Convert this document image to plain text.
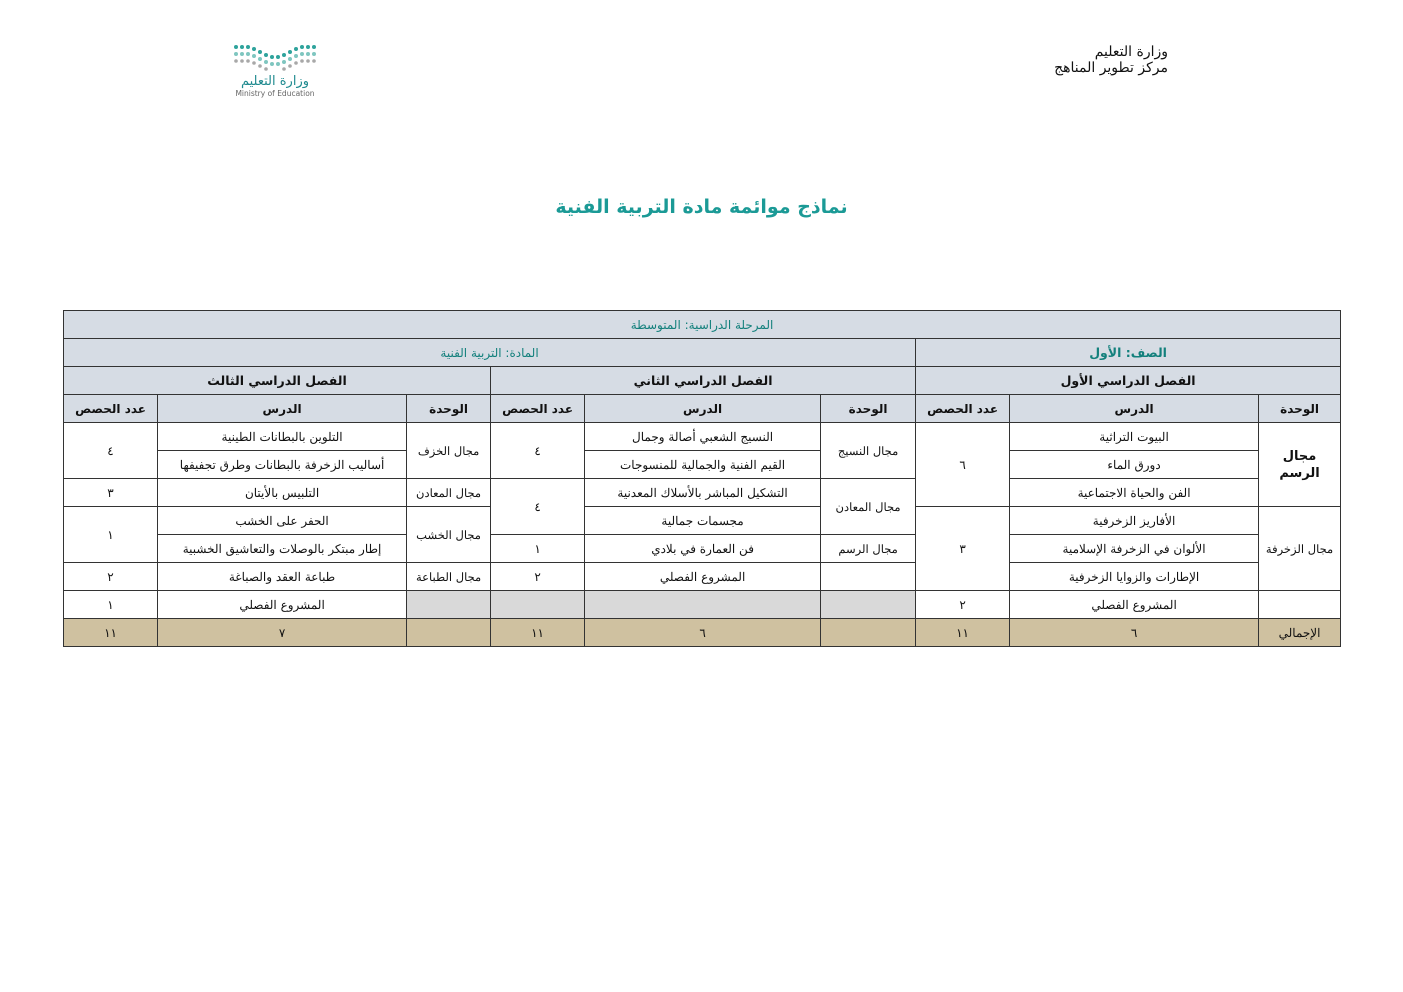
وزارة التعليم
مركز تطوير المناهج
وزارة التعليم
Ministry of Education
نماذج موائمة مادة التربية الفنية
المرحلة الدراسية: المتوسطة								
الصف: الأول			المادة: التربية الفنية					
الفصل الدراسي الأول			الفصل الدراسي الثاني			الفصل الدراسي الثالث		
الوحدة	الدرس	عدد الحصص	الوحدة	الدرس	عدد الحصص	الوحدة	الدرس	عدد الحصص
مجال الرسم	البيوت التراثية	٦	مجال النسيج	النسيج الشعبي أصالة وجمال	٤	مجال الخزف	التلوين بالبطانات الطينية	٤
	دورق الماء			القيم الفنية والجمالية للمنسوجات			أساليب الزخرفة بالبطانات وطرق تجفيفها	
	الفن والحياة الاجتماعية		مجال المعادن	التشكيل المباشر بالأسلاك المعدنية	٤	مجال المعادن	التلبيس بالأيتان	٣
مجال الزخرفة	الأفاريز الزخرفية	٣		مجسمات جمالية		مجال الخشب	الحفر على الخشب	١
	الألوان في الزخرفة الإسلامية		مجال الرسم	فن العمارة في بلادي	١		إطار مبتكر بالوصلات والتعاشيق الخشبية	
	الإطارات والزوايا الزخرفية			المشروع الفصلي	٢	مجال الطباعة	طباعة العقد والصباغة	٢
	المشروع الفصلي	٢					المشروع الفصلي	١
الإجمالي	٦	١١		٦	١١		٧	١١
